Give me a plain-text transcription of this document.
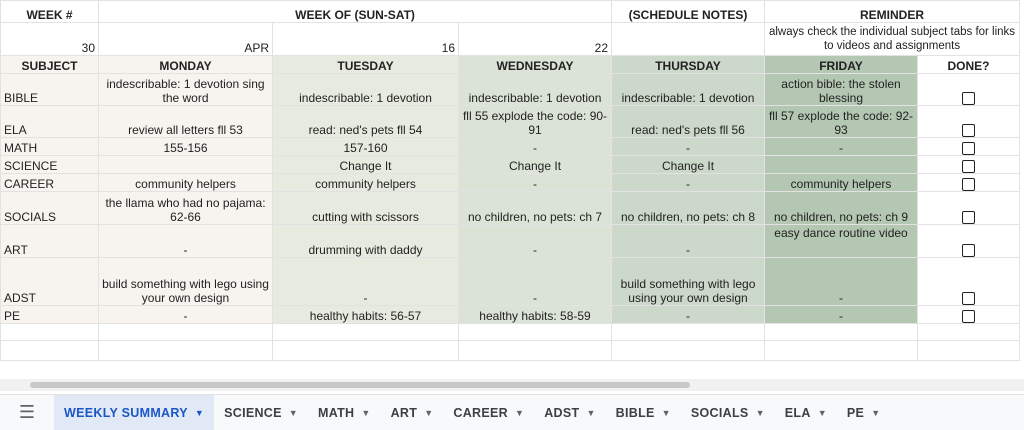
WEEK #	WEEK OF (SUN-SAT)			(SCHEDULE NOTES)	REMINDER	
30	APR	16	22		always check the individual subject tabs for links to videos and assignments	
SUBJECT	MONDAY	TUESDAY	WEDNESDAY	THURSDAY	FRIDAY	DONE?
BIBLE	indescribable: 1 devotion sing the word	indescribable: 1 devotion	indescribable: 1 devotion	indescribable: 1 devotion	action bible: the stolen blessing	
ELA	review all letters fll 53	read: ned's pets fll 54	fll 55 explode the code: 90-91	read: ned's pets fll 56	fll 57 explode the code: 92-93	
MATH	155-156	157-160	-	-	-	
SCIENCE		Change It	Change It	Change It		
CAREER	community helpers	community helpers	-	-	community helpers	
SOCIALS	the llama who had no pajama: 62-66	cutting with scissors	no children, no pets: ch 7	no children, no pets: ch 8	no children, no pets: ch 9	
ART	-	drumming with daddy	-	-	easy dance routine video	
ADST	build something with lego using your own design	-	-	build something with lego using your own design	-	
PE	-	healthy habits: 56-57	healthy habits: 58-59	-	-	

☰	WEEKLY SUMMARY ▼ SCIENCE ▼ MATH ▼ ART ▼ CAREER ▼ ADST ▼ BIBLE ▼ SOCIALS ▼ ELA ▼ PE ▼
